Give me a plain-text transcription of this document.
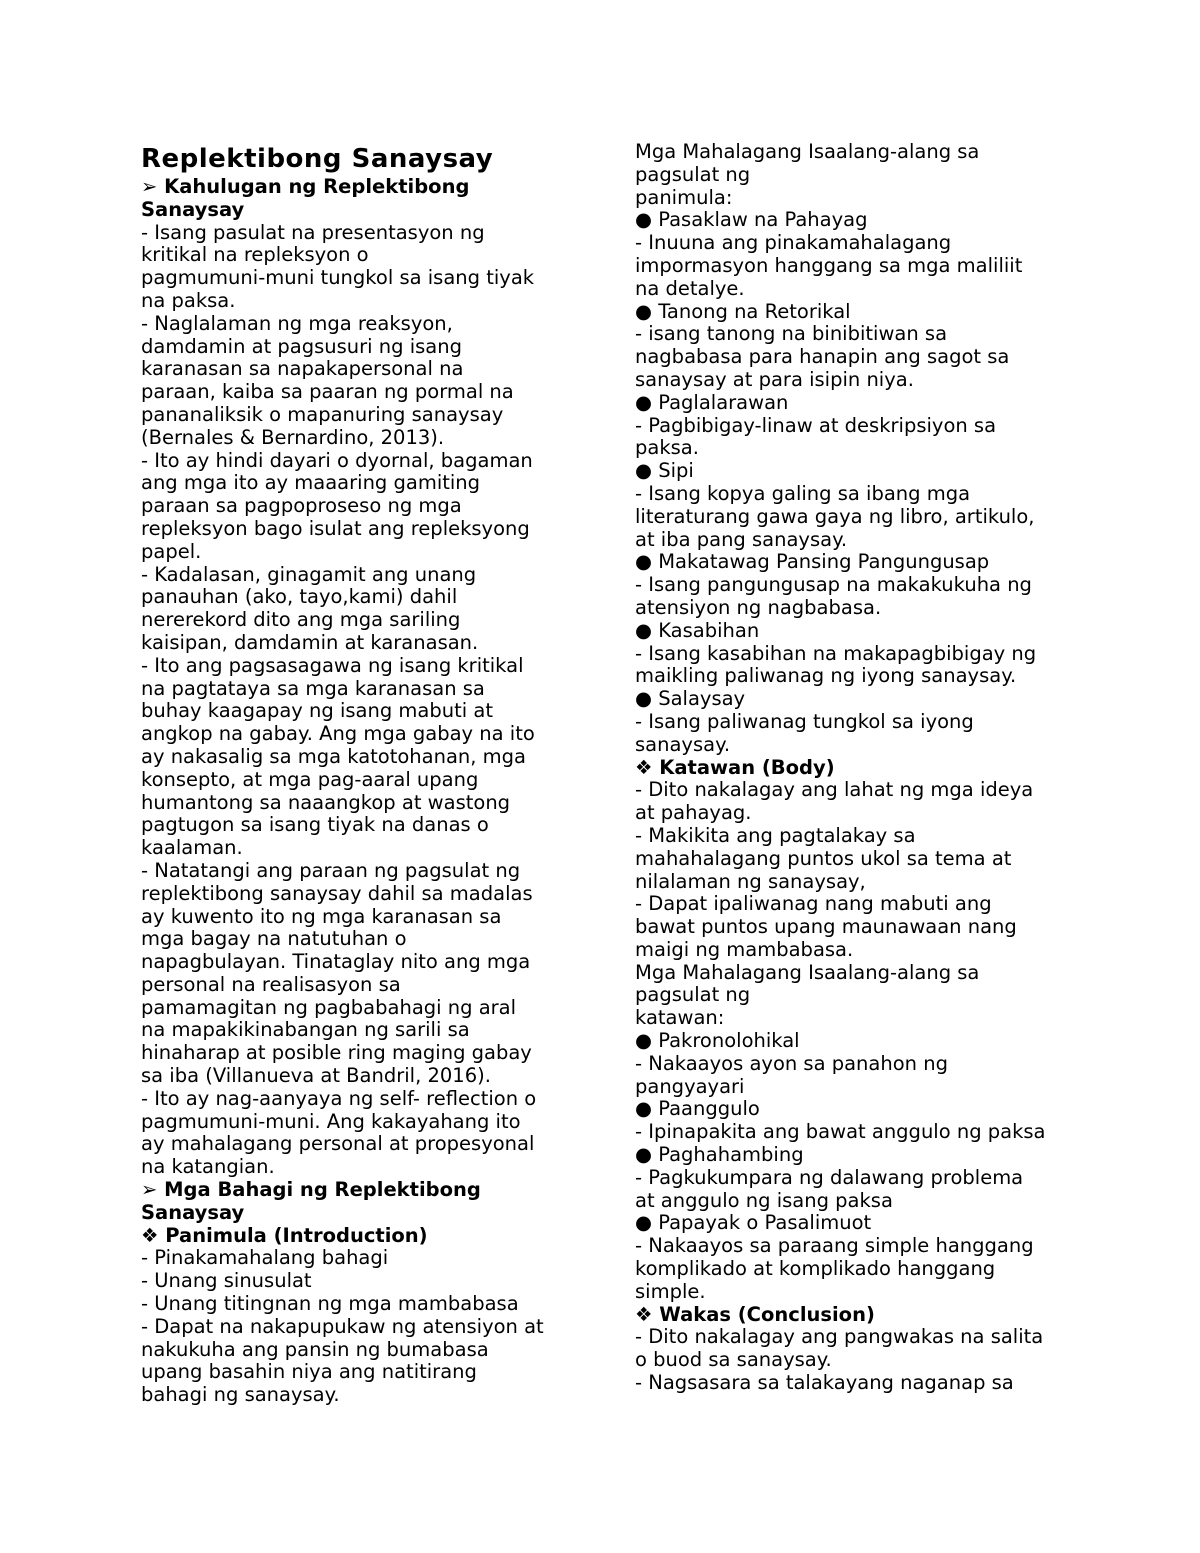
Replektibong Sanaysay
➢ Kahulugan ng Replektibong
Sanaysay
- Isang pasulat na presentasyon ng
kritikal na repleksyon o
pagmumuni-muni tungkol sa isang tiyak
na paksa.
- Naglalaman ng mga reaksyon,
damdamin at pagsusuri ng isang
karanasan sa napakapersonal na
paraan, kaiba sa paaran ng pormal na
pananaliksik o mapanuring sanaysay
(Bernales & Bernardino, 2013).
- Ito ay hindi dayari o dyornal, bagaman
ang mga ito ay maaaring gamiting
paraan sa pagpoproseso ng mga
repleksyon bago isulat ang repleksyong
papel.
- Kadalasan, ginagamit ang unang
panauhan (ako, tayo,kami) dahil
nererekord dito ang mga sariling
kaisipan, damdamin at karanasan.
- Ito ang pagsasagawa ng isang kritikal
na pagtataya sa mga karanasan sa
buhay kaagapay ng isang mabuti at
angkop na gabay. Ang mga gabay na ito
ay nakasalig sa mga katotohanan, mga
konsepto, at mga pag-aaral upang
humantong sa naaangkop at wastong
pagtugon sa isang tiyak na danas o
kaalaman.
- Natatangi ang paraan ng pagsulat ng
replektibong sanaysay dahil sa madalas
ay kuwento ito ng mga karanasan sa
mga bagay na natutuhan o
napagbulayan. Tinataglay nito ang mga
personal na realisasyon sa
pamamagitan ng pagbabahagi ng aral
na mapakikinabangan ng sarili sa
hinaharap at posible ring maging gabay
sa iba (Villanueva at Bandril, 2016).
- Ito ay nag-aanyaya ng self- reflection o
pagmumuni-muni. Ang kakayahang ito
ay mahalagang personal at propesyonal
na katangian.
➢ Mga Bahagi ng Replektibong
Sanaysay
❖ Panimula (Introduction)
- Pinakamahalang bahagi
- Unang sinusulat
- Unang titingnan ng mga mambabasa
- Dapat na nakapupukaw ng atensiyon at
nakukuha ang pansin ng bumabasa
upang basahin niya ang natitirang
bahagi ng sanaysay.
Mga Mahalagang Isaalang-alang sa
pagsulat ng
panimula:
● Pasaklaw na Pahayag
- Inuuna ang pinakamahalagang
impormasyon hanggang sa mga maliliit
na detalye.
● Tanong na Retorikal
- isang tanong na binibitiwan sa
nagbabasa para hanapin ang sagot sa
sanaysay at para isipin niya.
● Paglalarawan
- Pagbibigay-linaw at deskripsiyon sa
paksa.
● Sipi
- Isang kopya galing sa ibang mga
literaturang gawa gaya ng libro, artikulo,
at iba pang sanaysay.
● Makatawag Pansing Pangungusap
- Isang pangungusap na makakukuha ng
atensiyon ng nagbabasa.
● Kasabihan
- Isang kasabihan na makapagbibigay ng
maikling paliwanag ng iyong sanaysay.
● Salaysay
- Isang paliwanag tungkol sa iyong
sanaysay.
❖ Katawan (Body)
- Dito nakalagay ang lahat ng mga ideya
at pahayag.
- Makikita ang pagtalakay sa
mahahalagang puntos ukol sa tema at
nilalaman ng sanaysay,
- Dapat ipaliwanag nang mabuti ang
bawat puntos upang maunawaan nang
maigi ng mambabasa.
Mga Mahalagang Isaalang-alang sa
pagsulat ng
katawan:
● Pakronolohikal
- Nakaayos ayon sa panahon ng
pangyayari
● Paanggulo
- Ipinapakita ang bawat anggulo ng paksa
● Paghahambing
- Pagkukumpara ng dalawang problema
at anggulo ng isang paksa
● Papayak o Pasalimuot
- Nakaayos sa paraang simple hanggang
komplikado at komplikado hanggang
simple.
❖ Wakas (Conclusion)
- Dito nakalagay ang pangwakas na salita
o buod sa sanaysay.
- Nagsasara sa talakayang naganap sa
